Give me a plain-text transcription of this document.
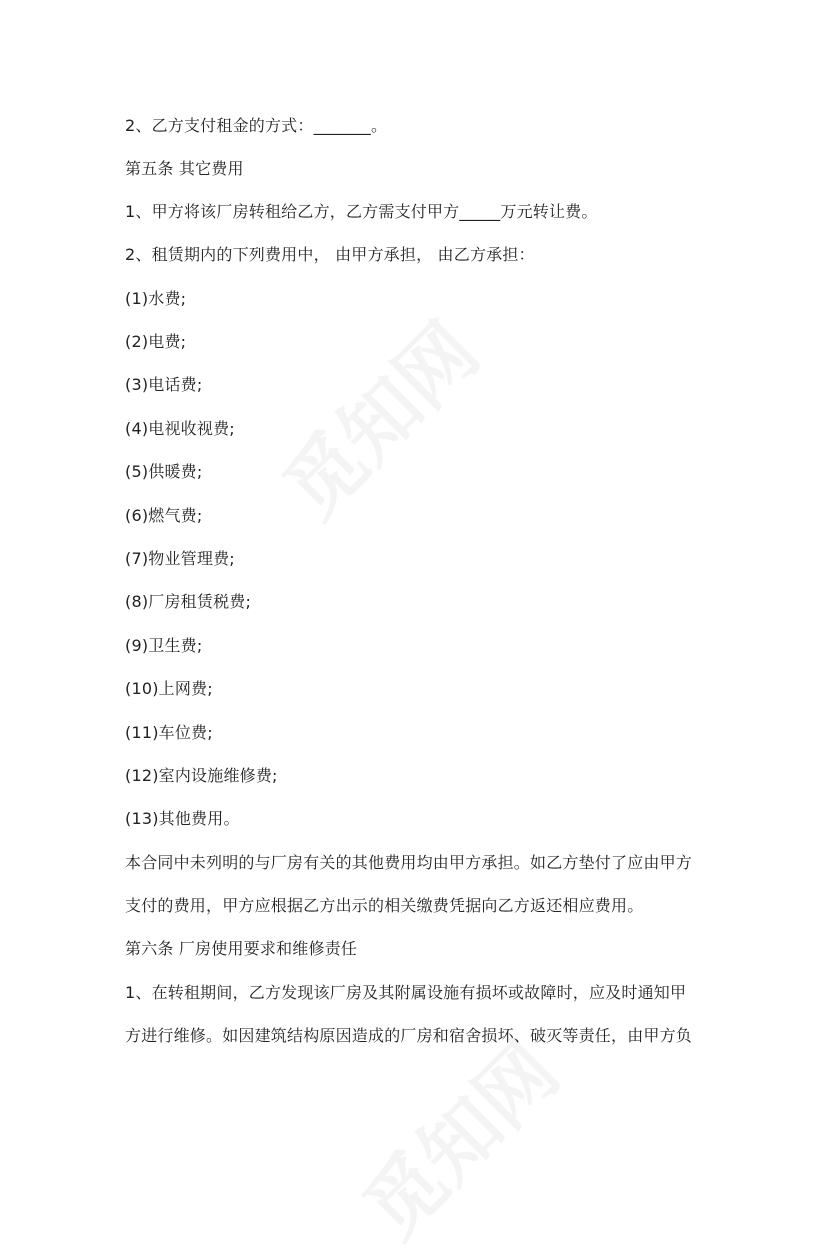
2、乙方支付租金的方式：_______。
第五条 其它费用
1、甲方将该厂房转租给乙方，乙方需支付甲方_____万元转让费。
2、租赁期内的下列费用中， 由甲方承担， 由乙方承担：
(1)水费;
(2)电费;
(3)电话费;
(4)电视收视费;
(5)供暖费;
(6)燃气费;
(7)物业管理费;
(8)厂房租赁税费;
(9)卫生费;
(10)上网费;
(11)车位费;
(12)室内设施维修费;
(13)其他费用。
本合同中未列明的与厂房有关的其他费用均由甲方承担。如乙方垫付了应由甲方
支付的费用，甲方应根据乙方出示的相关缴费凭据向乙方返还相应费用。
第六条 厂房使用要求和维修责任
1、在转租期间，乙方发现该厂房及其附属设施有损坏或故障时，应及时通知甲
方进行维修。如因建筑结构原因造成的厂房和宿舍损坏、破灭等责任，由甲方负
